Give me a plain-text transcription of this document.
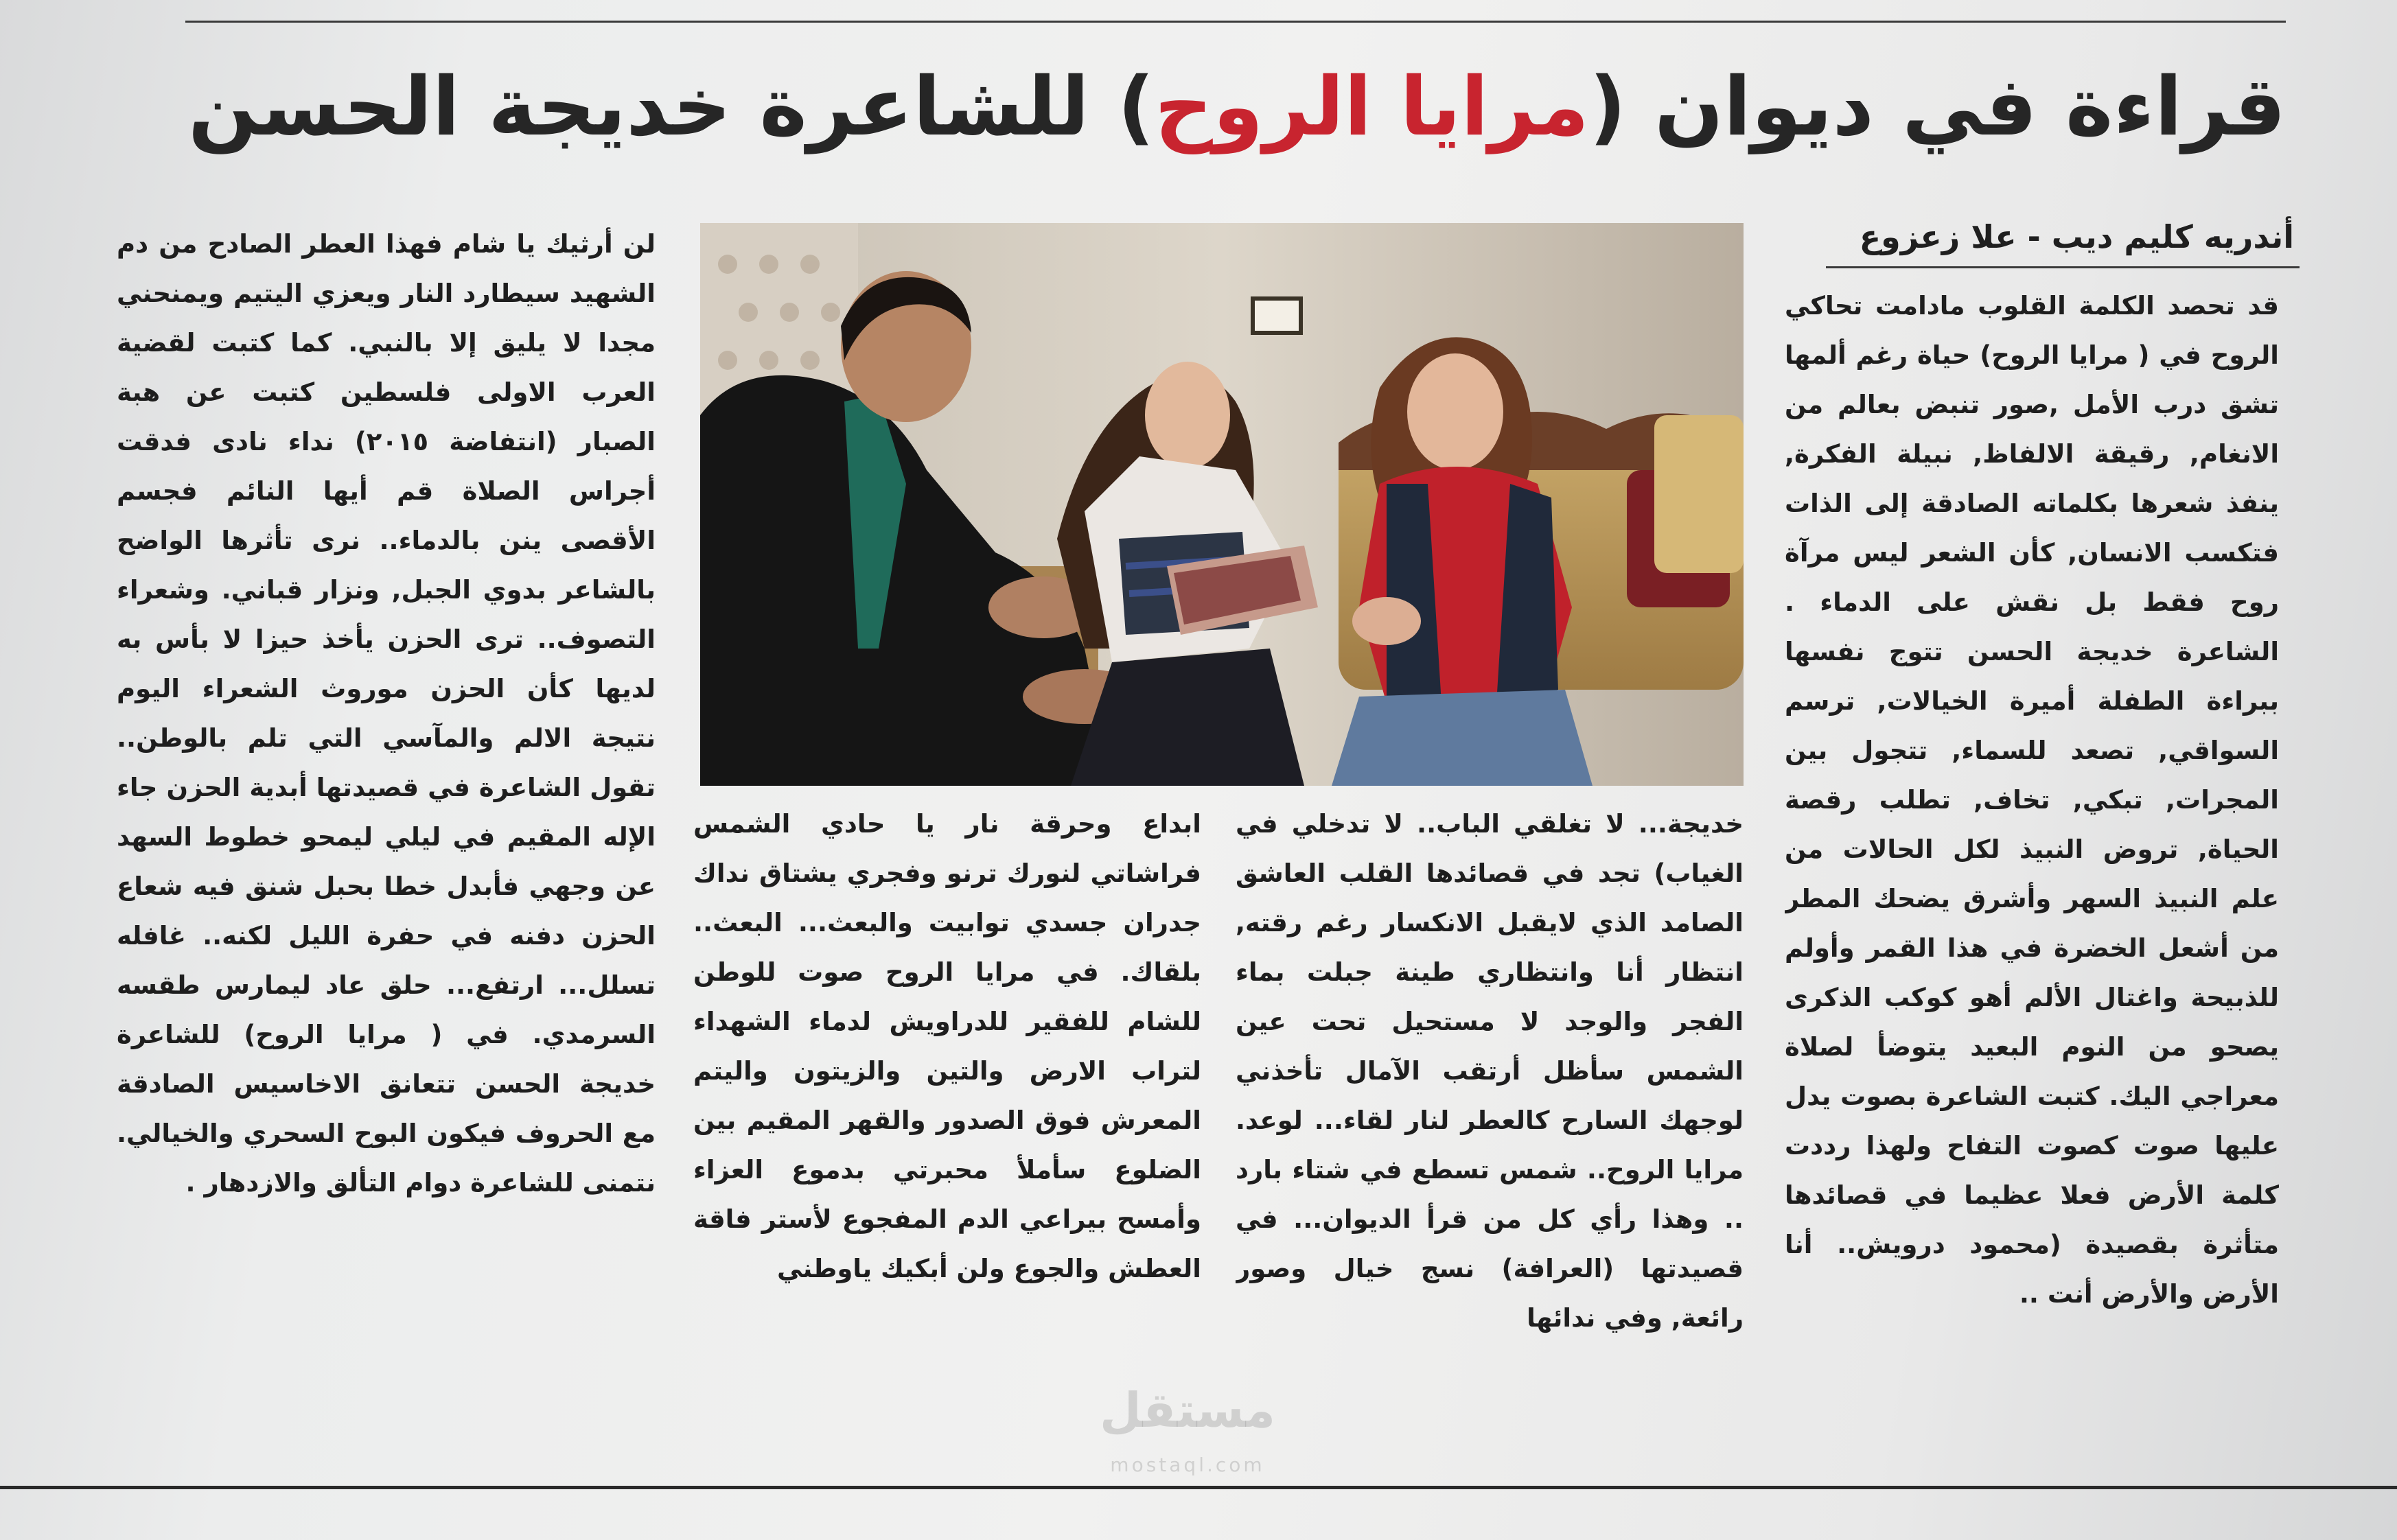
قراءة في ديوان (مرايا الروح) للشاعرة خديجة الحسن
أندريه كليم ديب - علا زعزوع

قد تحصد الكلمة القلوب مادامت تحاكي الروح في ( مرايا الروح) حياة رغم ألمها تشق درب الأمل ,صور تنبض بعالم من الانغام, رقيقة الالفاظ, نبيلة الفكرة, ينفذ شعرها بكلماته الصادقة إلى الذات فتكسب الانسان, كأن الشعر ليس مرآة روح فقط بل نقش على الدماء . الشاعرة خديجة الحسن تتوج نفسها ببراءة الطفلة أميرة الخيالات, ترسم السواقي, تصعد للسماء, تتجول بين المجرات, تبكي, تخاف, تطلب رقصة الحياة, تروض النبيذ لكل الحالات من علم النبيذ السهر وأشرق يضحك المطر من أشعل الخضرة في هذا القمر وأولم للذبيحة واغتال الألم أهو كوكب الذكرى يصحو من النوم البعيد يتوضأ لصلاة معراجي اليك. كتبت الشاعرة بصوت يدل عليها صوت كصوت التفاح ولهذا رددت كلمة الأرض فعلا عظيما في قصائدها متأثرة بقصيدة (محمود درويش.. أنا الأرض والأرض أنت ..

خديجة... لا تغلقي الباب.. لا تدخلي في الغياب) تجد في قصائدها القلب العاشق الصامد الذي لايقبل الانكسار رغم رقته, انتظار أنا وانتظاري طينة جبلت بماء الفجر والوجد لا مستحيل تحت عين الشمس سأظل أرتقب الآمال تأخذني لوجهك السارح كالعطر لنار لقاء... لوعد. مرايا الروح.. شمس تسطع في شتاء بارد .. وهذا رأي كل من قرأ الديوان... في قصيدتها (العرافة) نسج خيال وصور رائعة, وفي ندائها

ابداع وحرقة نار يا حادي الشمس فراشاتي لنورك ترنو وفجري يشتاق نداك جدران جسدي توابيت والبعث... البعث.. بلقاك. في مرايا الروح صوت للوطن للشام للفقير للدراويش لدماء الشهداء لتراب الارض والتين والزيتون واليتم المعرش فوق الصدور والقهر المقيم بين الضلوع سأملأ محبرتي بدموع العزاء وأمسح بيراعي الدم المفجوع لأستر فاقة العطش والجوع ولن أبكيك ياوطني

لن أرثيك يا شام فهذا العطر الصادح من دم الشهيد سيطارد النار ويعزي اليتيم ويمنحني مجدا لا يليق إلا بالنبي. كما كتبت لقضية العرب الاولى فلسطين كتبت عن هبة الصبار (انتفاضة ٢٠١٥) نداء نادى فدقت أجراس الصلاة قم أيها النائم فجسم الأقصى ينن بالدماء.. نرى تأثرها الواضح بالشاعر بدوي الجبل, ونزار قباني. وشعراء التصوف.. ترى الحزن يأخذ حيزا لا بأس به لديها كأن الحزن موروث الشعراء اليوم نتيجة الالم والمآسي التي تلم بالوطن.. تقول الشاعرة في قصيدتها أبدية الحزن جاء الإله المقيم في ليلي ليمحو خطوط السهد عن وجهي فأبدل خطا بحبل شنق فيه شعاع الحزن دفنه في حفرة الليل لكنه.. غافله تسلل... ارتفع... حلق عاد ليمارس طقسه السرمدي. في ( مرايا الروح) للشاعرة خديجة الحسن تتعانق الاخاسيس الصادقة مع الحروف فيكون البوح السحري والخيالي. نتمنى للشاعرة دوام التألق والازدهار .

مستقل
mostaql.com
